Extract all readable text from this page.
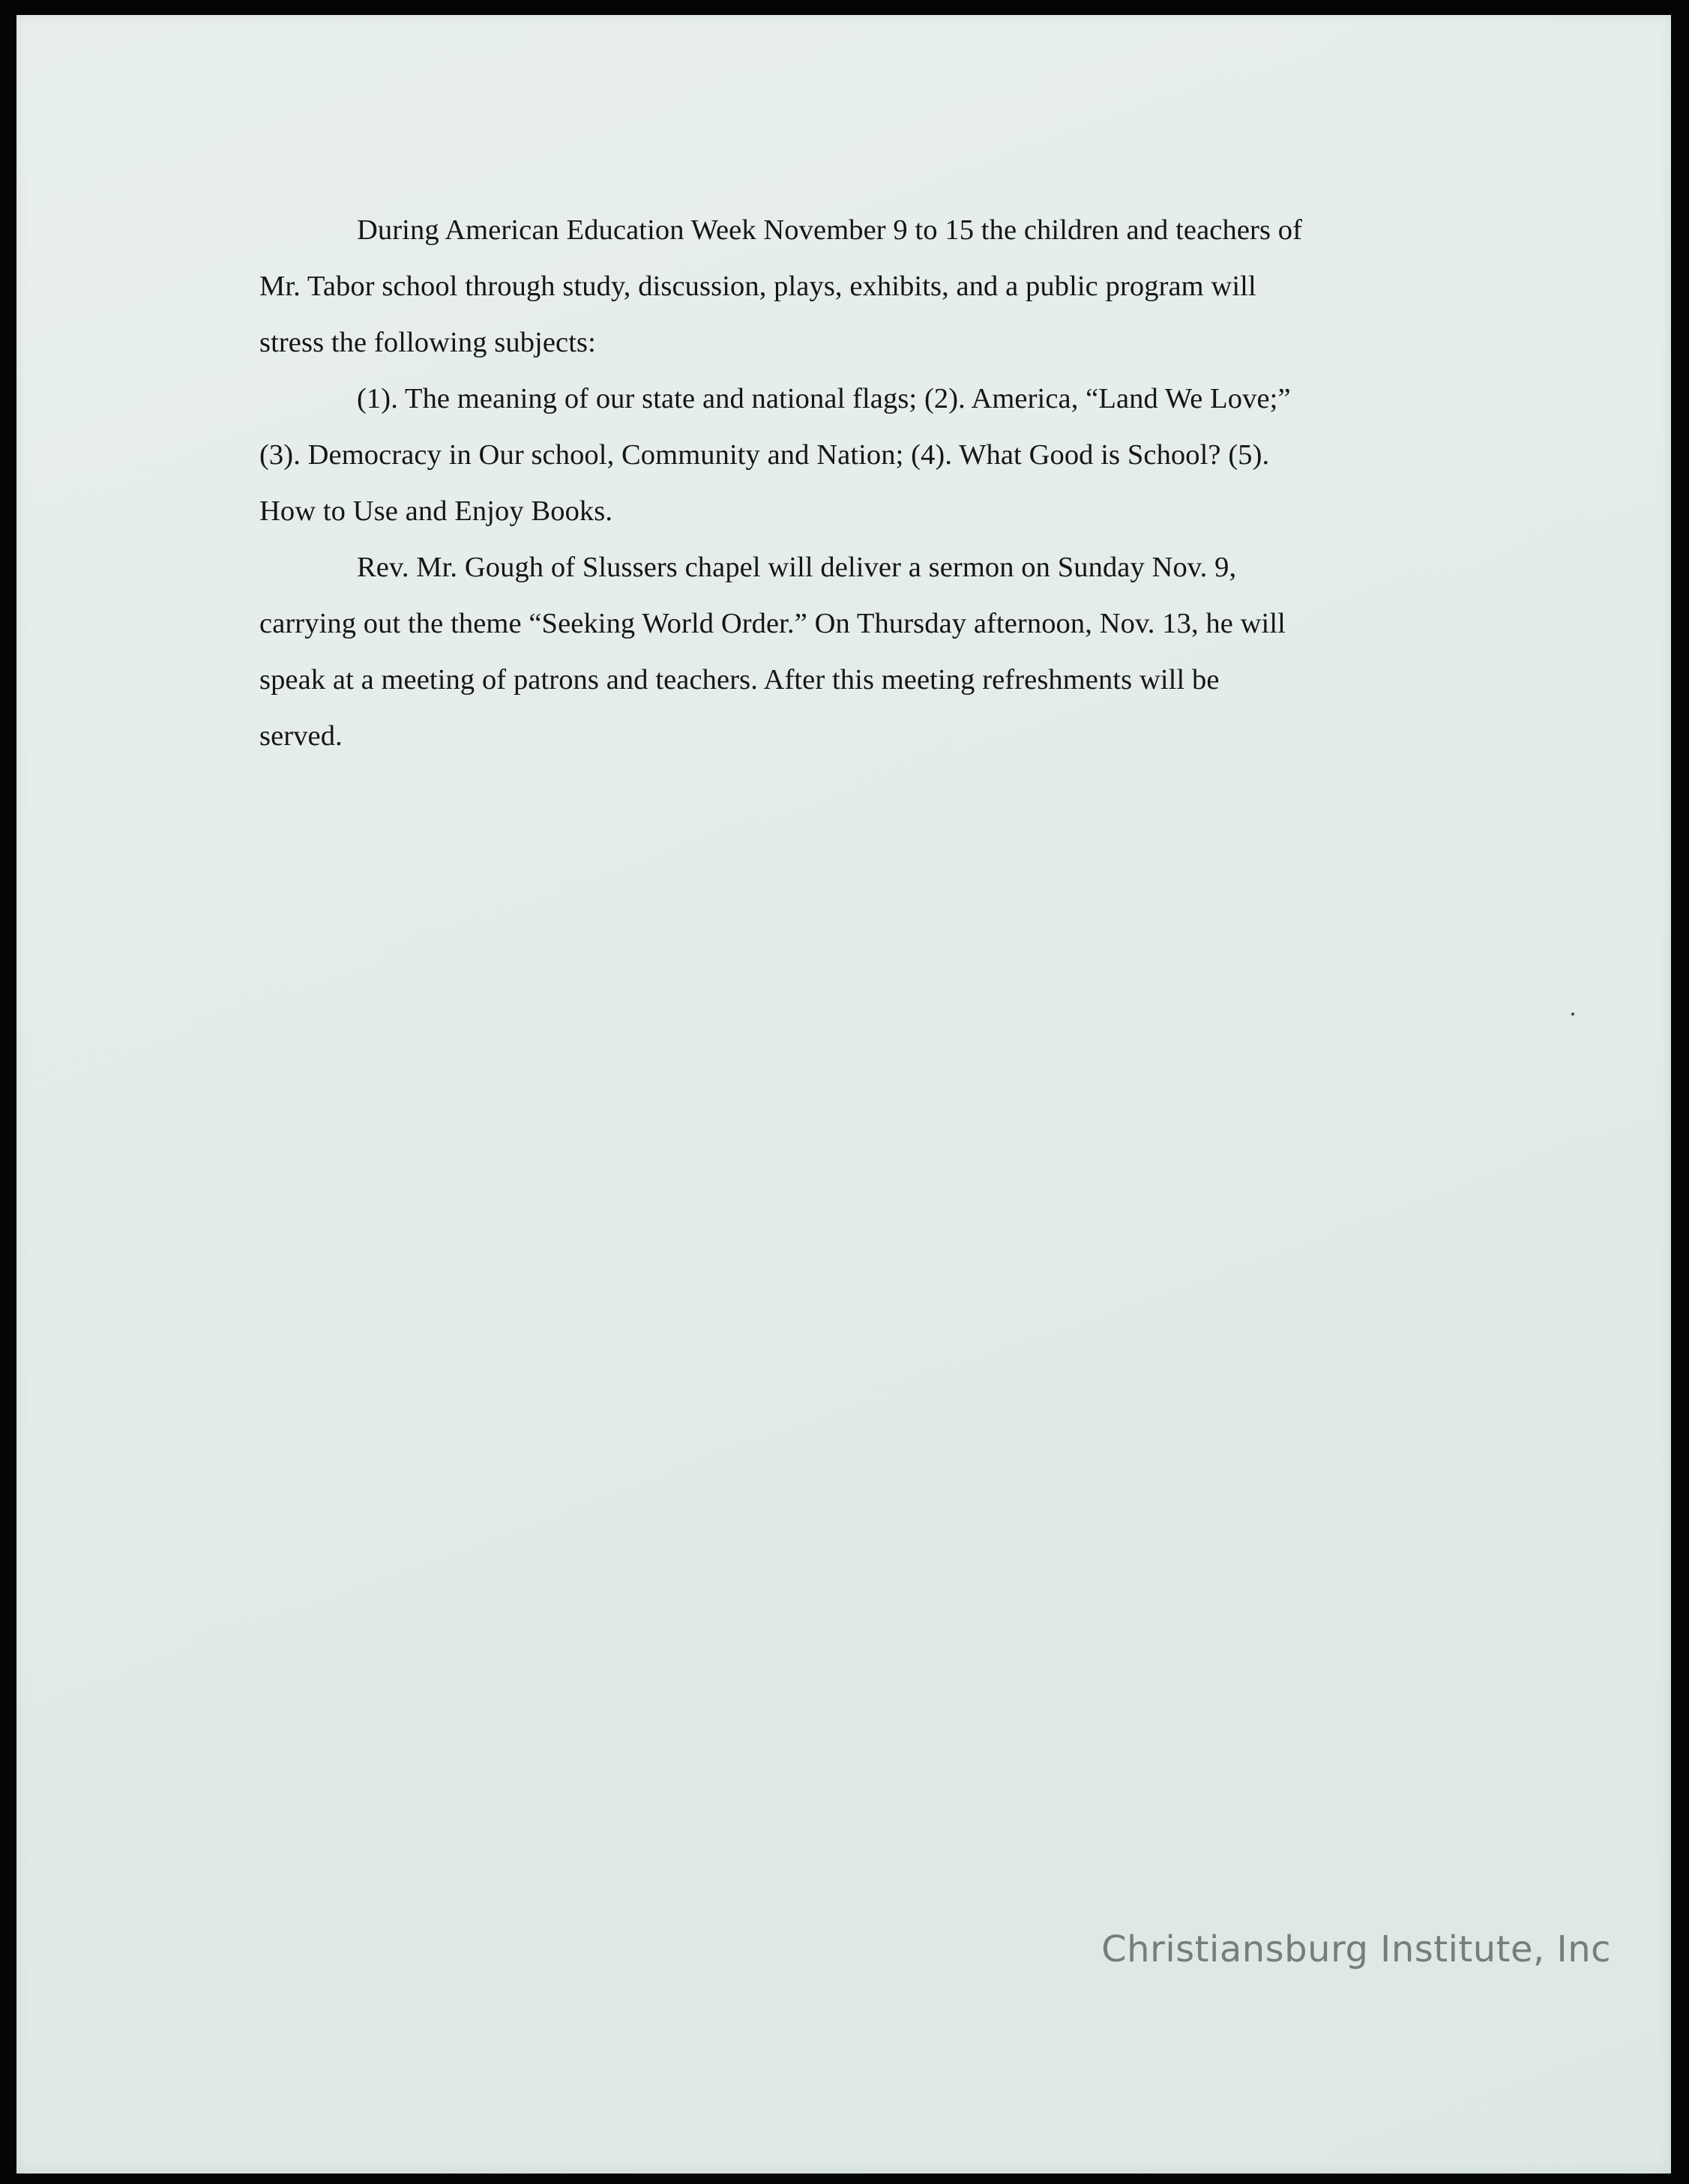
During American Education Week November 9 to 15 the children and teachers of
Mr. Tabor school through study, discussion, plays, exhibits, and a public program will
stress the following subjects:
(1). The meaning of our state and national flags; (2). America, “Land We Love;”
(3). Democracy in Our school, Community and Nation; (4). What Good is School? (5).
How to Use and Enjoy Books.
Rev. Mr. Gough of Slussers chapel will deliver a sermon on Sunday Nov. 9,
carrying out the theme “Seeking World Order.” On Thursday afternoon, Nov. 13, he will
speak at a meeting of patrons and teachers. After this meeting refreshments will be
served.
Christiansburg Institute, Inc
